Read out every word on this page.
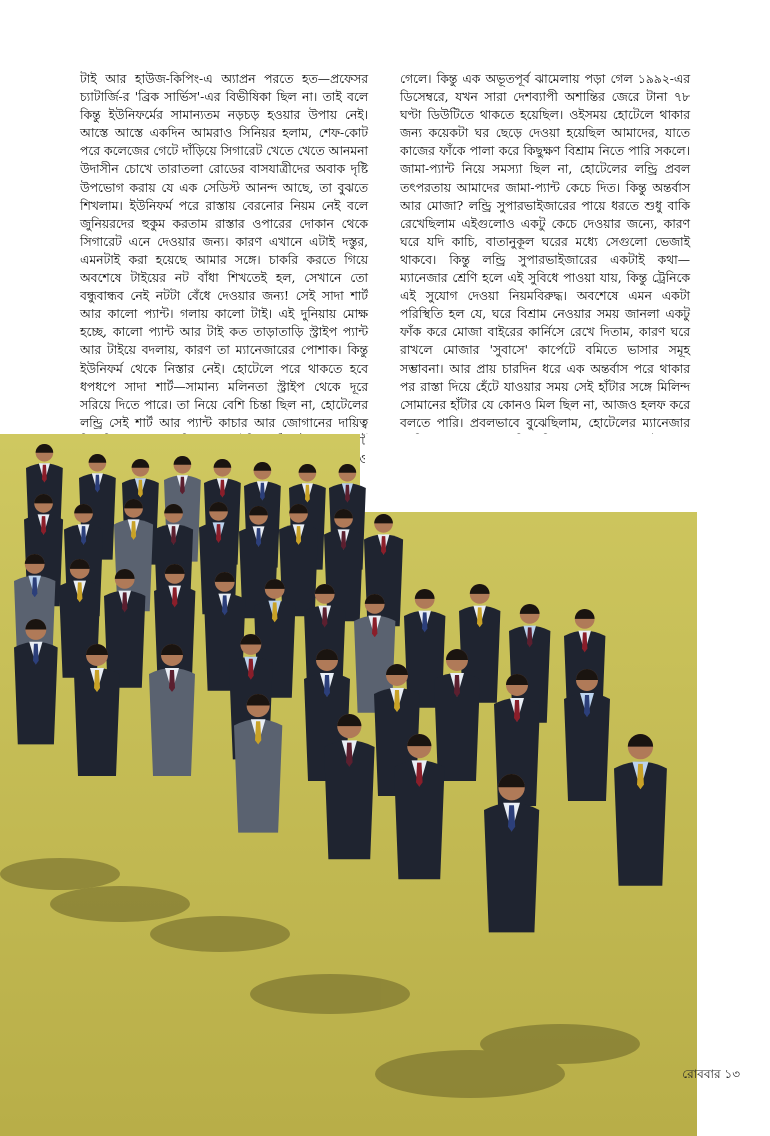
টাই আর হাউজ-কিপিং-এ অ্যাপ্রন পরতে হত—প্রফেসর চ্যাটার্জি-র 'ব্রিক সার্ভিস'-এর বিভীষিকা ছিল না। তাই বলে কিন্তু ইউনিফর্মের সামান্যতম নড়চড় হওয়ার উপায় নেই। আস্তে আস্তে একদিন আমরাও সিনিয়র হলাম, শেফ-কোট পরে কলেজের গেটে দাঁড়িয়ে সিগারেট খেতে খেতে আনমনা উদাসীন চোখে তারাতলা রোডের বাসযাত্রীদের অবাক দৃষ্টি উপভোগ করায় যে এক সেডিস্ট আনন্দ আছে, তা বুঝতে শিখলাম। ইউনিফর্ম পরে রাস্তায় বেরনোর নিয়ম নেই বলে জুনিয়রদের হুকুম করতাম রাস্তার ওপারের দোকান থেকে সিগারেট এনে দেওয়ার জন্য। কারণ এখানে এটাই দস্তুর, এমনটাই করা হয়েছে আমার সঙ্গে। চাকরি করতে গিয়ে অবশেষে টাইয়ের নট বাঁধা শিখতেই হল, সেখানে তো বন্ধুবান্ধব নেই নটটা বেঁধে দেওয়ার জন্য! সেই সাদা শার্ট আর কালো প্যান্ট। গলায় কালো টাই। এই দুনিয়ায় মোক্ষ হচ্ছে, কালো প্যান্ট আর টাই কত তাড়াতাড়ি স্ট্রাইপ প্যান্ট আর টাইয়ে বদলায়, কারণ তা ম্যানেজারের পোশাক। কিন্তু ইউনিফর্ম থেকে নিস্তার নেই। হোটেলে পরে থাকতে হবে ধপধপে সাদা শার্ট—সামান্য মলিনতা স্ট্রাইপ থেকে দূরে সরিয়ে দিতে পারে। তা নিয়ে বেশি চিন্তা ছিল না, হোটেলের লন্ড্রি সেই শার্ট আর প্যান্ট কাচার আর জোগানের দায়িত্ব

গেলে। কিন্তু এক অভূতপূর্ব ঝামেলায় পড়া গেল ১৯৯২-এর ডিসেম্বরে, যখন সারা দেশব্যাপী অশান্তির জেরে টানা ৭৮ ঘণ্টা ডিউটিতে থাকতে হয়েছিল। ওইসময় হোটেলে থাকার জন্য কয়েকটা ঘর ছেড়ে দেওয়া হয়েছিল আমাদের, যাতে কাজের ফাঁকে পালা করে কিছুক্ষণ বিশ্রাম নিতে পারি সকলে। জামা-প্যান্ট নিয়ে সমস্যা ছিল না, হোটেলের লন্ড্রি প্রবল তৎপরতায় আমাদের জামা-প্যান্ট কেচে দিত। কিন্তু অন্তর্বাস আর মোজা? লন্ড্রি সুপারভাইজারের পায়ে ধরতে শুধু বাকি রেখেছিলাম এইগুলোও একটু কেচে দেওয়ার জন্যে, কারণ ঘরে যদি কাচি, বাতানুকূল ঘরের মধ্যে সেগুলো ভেজাই থাকবে। কিন্তু লন্ড্রি সুপারভাইজারের একটাই কথা—ম্যানেজার শ্রেণি হলে এই সুবিধে পাওয়া যায়, কিন্তু ট্রেনিকে এই সুযোগ দেওয়া নিয়মবিরুদ্ধ। অবশেষে এমন একটা পরিস্থিতি হল যে, ঘরে বিশ্রাম নেওয়ার সময় জানলা একটু ফাঁক করে মোজা বাইরের কার্নিসে রেখে দিতাম, কারণ ঘরে রাখলে মোজার 'সুবাসে' কার্পেটে বমিতে ভাসার সমূহ সম্ভাবনা। আর প্রায় চারদিন ধরে এক অন্তর্বাস পরে থাকার পর রাস্তা দিয়ে হেঁটে যাওয়ার সময় সেই হাঁটার সঙ্গে মিলিন্দ সোমানের হাঁটার যে কোনও মিল ছিল না, আজও হলফ করে বলতে পারি। প্রবলভাবে বুঝেছিলাম, হোটেলের ম্যানেজার

রোববার ১৩
